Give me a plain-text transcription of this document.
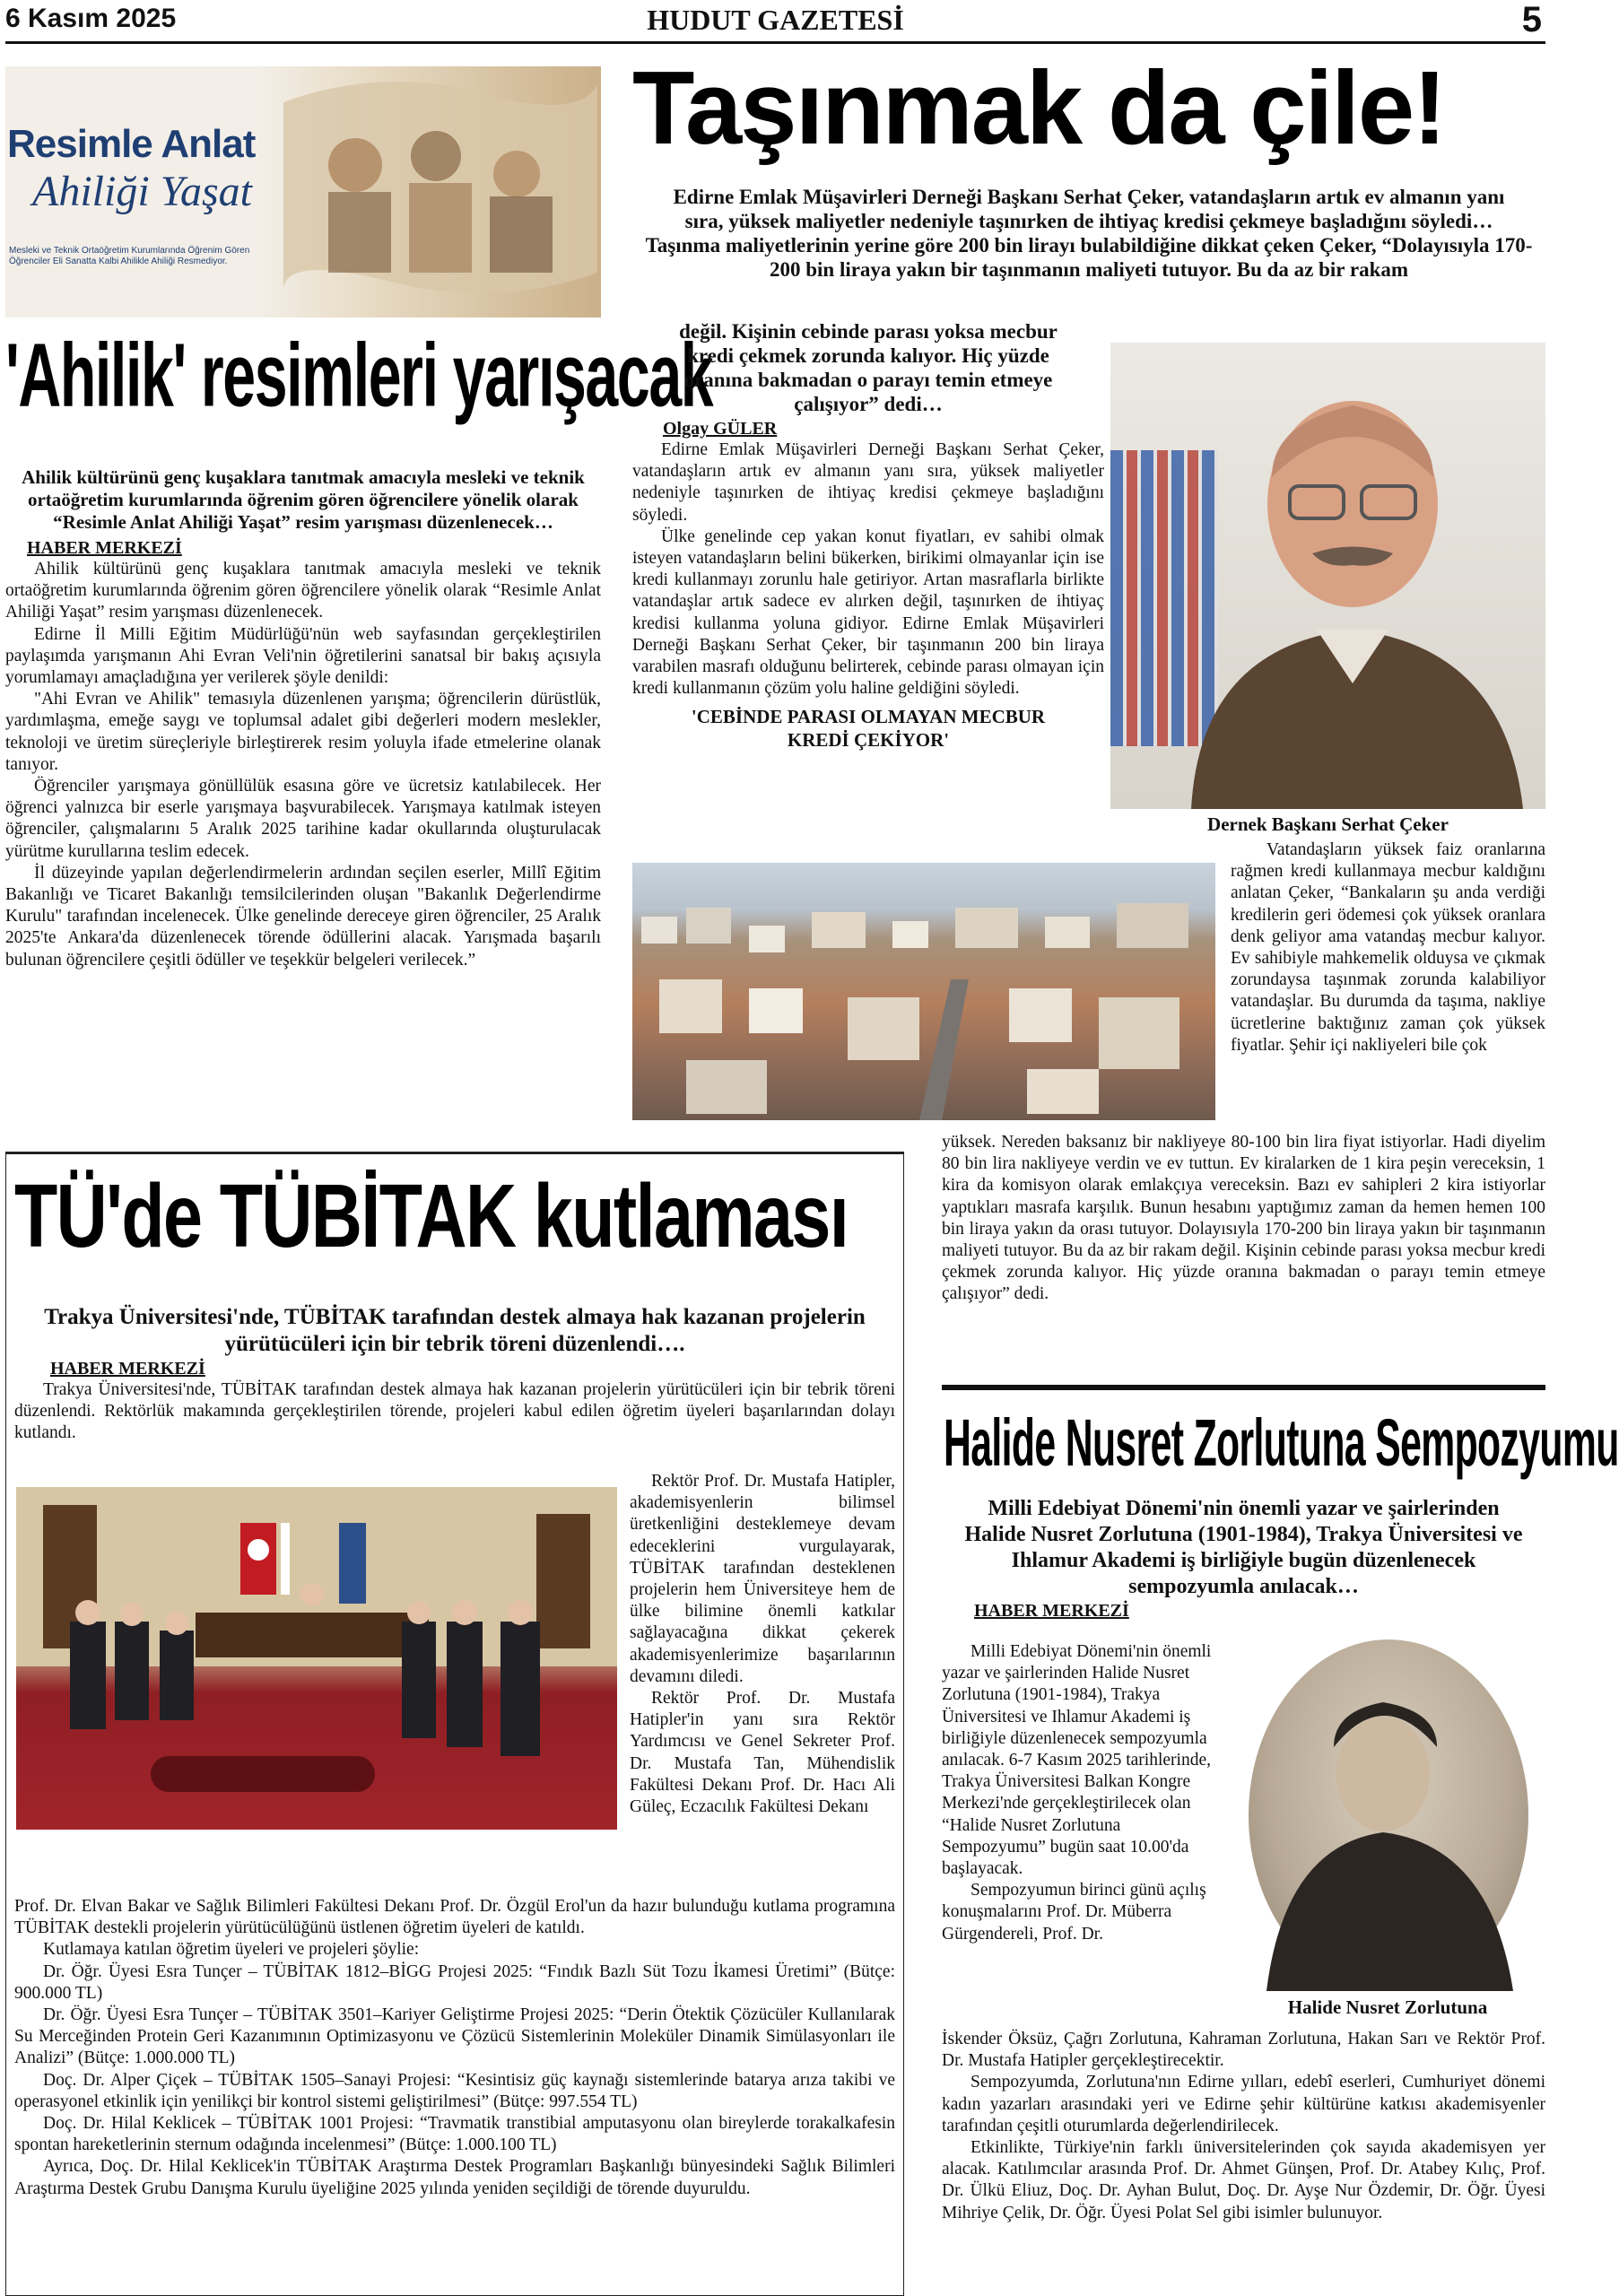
6 Kasım 2025	HUDUT GAZETESİ	5
Resimle Anlat
Ahiliği Yaşat
Mesleki ve Teknik Ortaöğretim Kurumlarında Öğrenim Gören Öğrenciler Eli Sanatta Kalbi Ahilikle Ahiliği Resmediyor.
'Ahilik' resimleri yarışacak

Ahilik kültürünü genç kuşaklara tanıtmak amacıyla mesleki ve teknik ortaöğretim kurumlarında öğrenim gören öğrencilere yönelik olarak “Resimle Anlat Ahiliği Yaşat” resim yarışması düzenlenecek…

HABER MERKEZİ

Ahilik kültürünü genç kuşaklara tanıtmak amacıyla mesleki ve teknik ortaöğretim kurumlarında öğrenim gören öğrencilere yönelik olarak “Resimle Anlat Ahiliği Yaşat” resim yarışması düzenlenecek.

Edirne İl Milli Eğitim Müdürlüğü'nün web sayfasından gerçekleştirilen paylaşımda yarışmanın Ahi Evran Veli'nin öğretilerini sanatsal bir bakış açısıyla yorumlamayı amaçladığına yer verilerek şöyle denildi:

"Ahi Evran ve Ahilik" temasıyla düzenlenen yarışma; öğrencilerin dürüstlük, yardımlaşma, emeğe saygı ve toplumsal adalet gibi değerleri modern meslekler, teknoloji ve üretim süreçleriyle birleştirerek resim yoluyla ifade etmelerine olanak tanıyor.

Öğrenciler yarışmaya gönüllülük esasına göre ve ücretsiz katılabilecek. Her öğrenci yalnızca bir eserle yarışmaya başvurabilecek. Yarışmaya katılmak isteyen öğrenciler, çalışmalarını 5 Aralık 2025 tarihine kadar okullarında oluşturulacak yürütme kurullarına teslim edecek.

İl düzeyinde yapılan değerlendirmelerin ardından seçilen eserler, Millî Eğitim Bakanlığı ve Ticaret Bakanlığı temsilcilerinden oluşan "Bakanlık Değerlendirme Kurulu" tarafından incelenecek. Ülke genelinde dereceye giren öğrenciler, 25 Aralık 2025'te Ankara'da düzenlenecek törende ödüllerini alacak. Yarışmada başarılı bulunan öğrencilere çeşitli ödüller ve teşekkür belgeleri verilecek.”

Taşınmak da çile!

Edirne Emlak Müşavirleri Derneği Başkanı Serhat Çeker, vatandaşların artık ev almanın yanı sıra, yüksek maliyetler nedeniyle taşınırken de ihtiyaç kredisi çekmeye başladığını söyledi…

Taşınma maliyetlerinin yerine göre 200 bin lirayı bulabildiğine dikkat çeken Çeker, “Dolayısıyla 170-200 bin liraya yakın bir taşınmanın maliyeti tutuyor. Bu da az bir rakam

Dernek Başkanı Serhat Çeker

değil. Kişinin cebinde parası yoksa mecbur kredi çekmek zorunda kalıyor. Hiç yüzde oranına bakmadan o parayı temin etmeye çalışıyor” dedi…

Olgay GÜLER

Edirne Emlak Müşavirleri Derneği Başkanı Serhat Çeker, vatandaşların artık ev almanın yanı sıra, yüksek maliyetler nedeniyle taşınırken de ihtiyaç kredisi çekmeye başladığını söyledi.

Ülke genelinde cep yakan konut fiyatları, ev sahibi olmak isteyen vatandaşların belini bükerken, birikimi olmayanlar için ise kredi kullanmayı zorunlu hale getiriyor. Artan masraflarla birlikte vatandaşlar artık sadece ev alırken değil, taşınırken de ihtiyaç kredisi kullanma yoluna gidiyor. Edirne Emlak Müşavirleri Derneği Başkanı Serhat Çeker, bir taşınmanın 200 bin liraya varabilen masrafı olduğunu belirterek, cebinde parası olmayan için kredi kullanmanın çözüm yolu haline geldiğini söyledi.

'CEBİNDE PARASI OLMAYAN MECBUR KREDİ ÇEKİYOR'

Vatandaşların yüksek faiz oranlarına rağmen kredi kullanmaya mecbur kaldığını anlatan Çeker, “Bankaların şu anda verdiği kredilerin geri ödemesi çok yüksek oranlara denk geliyor ama vatandaş mecbur kalıyor. Ev sahibiyle mahkemelik olduysa ve çıkmak zorundaysa taşınmak zorunda kalabiliyor vatandaşlar. Bu durumda da taşıma, nakliye ücretlerine baktığınız zaman çok yüksek fiyatlar. Şehir içi nakliyeleri bile çok

yüksek. Nereden baksanız bir nakliyeye 80-100 bin lira fiyat istiyorlar. Hadi diyelim 80 bin lira nakliyeye verdin ve ev tuttun. Ev kiralarken de 1 kira peşin vereceksin, 1 kira da komisyon olarak emlakçıya vereceksin. Bazı ev sahipleri 2 kira istiyorlar yaptıkları masrafa karşılık. Bunun hesabını yaptığımız zaman da hemen hemen 100 bin liraya yakın da orası tutuyor. Dolayısıyla 170-200 bin liraya yakın bir taşınmanın maliyeti tutuyor. Bu da az bir rakam değil. Kişinin cebinde parası yoksa mecbur kredi çekmek zorunda kalıyor. Hiç yüzde oranına bakmadan o parayı temin etmeye çalışıyor” dedi.

TÜ'de TÜBİTAK kutlaması

Trakya Üniversitesi'nde, TÜBİTAK tarafından destek almaya hak kazanan projelerin yürütücüleri için bir tebrik töreni düzenlendi….

HABER MERKEZİ

Trakya Üniversitesi'nde, TÜBİTAK tarafından destek almaya hak kazanan projelerin yürütücüleri için bir tebrik töreni düzenlendi. Rektörlük makamında gerçekleştirilen törende, projeleri kabul edilen öğretim üyeleri başarılarından dolayı kutlandı.

Rektör Prof. Dr. Mustafa Hatipler, akademisyenlerin bilimsel üretkenliğini desteklemeye devam edeceklerini vurgulayarak, TÜBİTAK tarafından desteklenen projelerin hem Üniversiteye hem de ülke bilimine önemli katkılar sağlayacağına dikkat çekerek akademisyenlerimize başarılarının devamını diledi.

Rektör Prof. Dr. Mustafa Hatipler'in yanı sıra Rektör Yardımcısı ve Genel Sekreter Prof. Dr. Mustafa Tan, Mühendislik Fakültesi Dekanı Prof. Dr. Hacı Ali Güleç, Eczacılık Fakültesi Dekanı

Prof. Dr. Elvan Bakar ve Sağlık Bilimleri Fakültesi Dekanı Prof. Dr. Özgül Erol'un da hazır bulunduğu kutlama programına TÜBİTAK destekli projelerin yürütücülüğünü üstlenen öğretim üyeleri de katıldı.

Kutlamaya katılan öğretim üyeleri ve projeleri şöylie:

Dr. Öğr. Üyesi Esra Tunçer – TÜBİTAK 1812–BİGG Projesi 2025: “Fındık Bazlı Süt Tozu İkamesi Üretimi” (Bütçe: 900.000 TL)

Dr. Öğr. Üyesi Esra Tunçer – TÜBİTAK 3501–Kariyer Geliştirme Projesi 2025: “Derin Ötektik Çözücüler Kullanılarak Su Merceğinden Protein Geri Kazanımının Optimizasyonu ve Çözücü Sistemlerinin Moleküler Dinamik Simülasyonları ile Analizi” (Bütçe: 1.000.000 TL)

Doç. Dr. Alper Çiçek – TÜBİTAK 1505–Sanayi Projesi: “Kesintisiz güç kaynağı sistemlerinde batarya arıza takibi ve operasyonel etkinlik için yenilikçi bir kontrol sistemi geliştirilmesi” (Bütçe: 997.554 TL)

Doç. Dr. Hilal Keklicek – TÜBİTAK 1001 Projesi: “Travmatik transtibial amputasyonu olan bireylerde torakalkafesin spontan hareketlerinin sternum odağında incelenmesi” (Bütçe: 1.000.100 TL)

Ayrıca, Doç. Dr. Hilal Keklicek'in TÜBİTAK Araştırma Destek Programları Başkanlığı bünyesindeki Sağlık Bilimleri Araştırma Destek Grubu Danışma Kurulu üyeliğine 2025 yılında yeniden seçildiği de törende duyuruldu.

Halide Nusret Zorlutuna Sempozyumu

Milli Edebiyat Dönemi'nin önemli yazar ve şairlerinden Halide Nusret Zorlutuna (1901-1984), Trakya Üniversitesi ve Ihlamur Akademi iş birliğiyle bugün düzenlenecek sempozyumla anılacak…

HABER MERKEZİ

Milli Edebiyat Dönemi'nin önemli yazar ve şairlerinden Halide Nusret Zorlutuna (1901-1984), Trakya Üniversitesi ve Ihlamur Akademi iş birliğiyle düzenlenecek sempozyumla anılacak. 6-7 Kasım 2025 tarihlerinde, Trakya Üniversitesi Balkan Kongre Merkezi'nde gerçekleştirilecek olan “Halide Nusret Zorlutuna Sempozyumu” bugün saat 10.00'da başlayacak.

Sempozyumun birinci günü açılış konuşmalarını Prof. Dr. Müberra Gürgendereli, Prof. Dr.

Halide Nusret Zorlutuna

İskender Öksüz, Çağrı Zorlutuna, Kahraman Zorlutuna, Hakan Sarı ve Rektör Prof. Dr. Mustafa Hatipler gerçekleştirecektir.

Sempozyumda, Zorlutuna'nın Edirne yılları, edebî eserleri, Cumhuriyet dönemi kadın yazarları arasındaki yeri ve Edirne şehir kültürüne katkısı akademisyenler tarafından çeşitli oturumlarda değerlendirilecek.

Etkinlikte, Türkiye'nin farklı üniversitelerinden çok sayıda akademisyen yer alacak. Katılımcılar arasında Prof. Dr. Ahmet Günşen, Prof. Dr. Atabey Kılıç, Prof. Dr. Ülkü Eliuz, Doç. Dr. Ayhan Bulut, Doç. Dr. Ayşe Nur Özdemir, Dr. Öğr. Üyesi Mihriye Çelik, Dr. Öğr. Üyesi Polat Sel gibi isimler bulunuyor.
